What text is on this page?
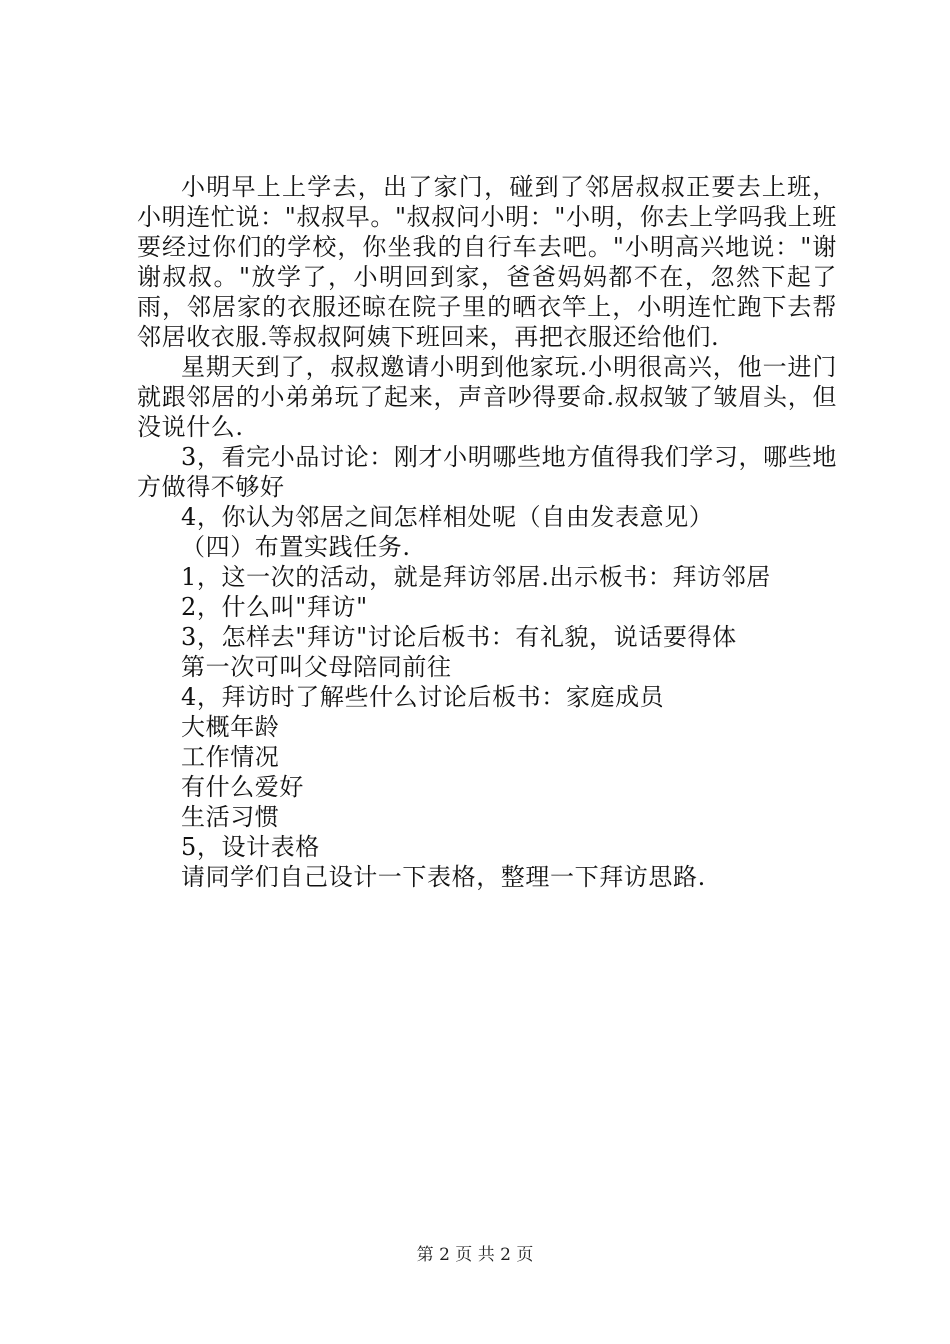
小明早上上学去，出了家门，碰到了邻居叔叔正要去上班，小明连忙说："叔叔早。"叔叔问小明："小明，你去上学吗我上班要经过你们的学校，你坐我的自行车去吧。"小明高兴地说："谢谢叔叔。"放学了，小明回到家，爸爸妈妈都不在，忽然下起了雨，邻居家的衣服还晾在院子里的晒衣竿上，小明连忙跑下去帮邻居收衣服.等叔叔阿姨下班回来，再把衣服还给他们.

星期天到了，叔叔邀请小明到他家玩.小明很高兴，他一进门就跟邻居的小弟弟玩了起来，声音吵得要命.叔叔皱了皱眉头，但没说什么.

3，看完小品讨论：刚才小明哪些地方值得我们学习，哪些地方做得不够好

4，你认为邻居之间怎样相处呢（自由发表意见）

（四）布置实践任务.

1，这一次的活动，就是拜访邻居.出示板书：拜访邻居

2，什么叫"拜访"

3，怎样去"拜访"讨论后板书：有礼貌，说话要得体

第一次可叫父母陪同前往

4，拜访时了解些什么讨论后板书：家庭成员

大概年龄

工作情况

有什么爱好

生活习惯

5，设计表格

请同学们自己设计一下表格，整理一下拜访思路.

第 2 页 共 2 页
